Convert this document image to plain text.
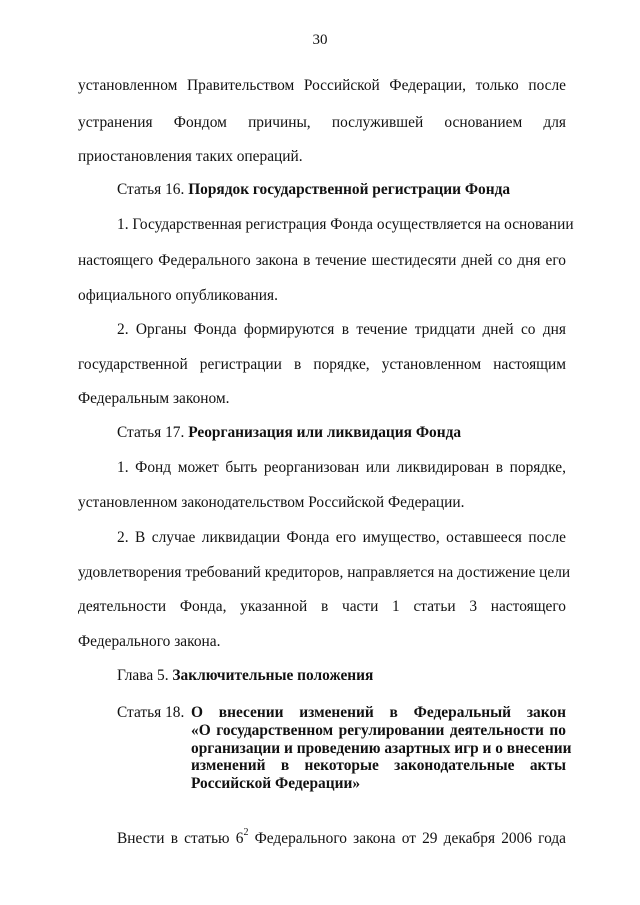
30
установленном Правительством Российской Федерации, только после
устранения Фондом причины, послужившей основанием для
приостановления таких операций.
Статья 16. Порядок государственной регистрации Фонда
1. Государственная регистрация Фонда осуществляется на основании
настоящего Федерального закона в течение шестидесяти дней со дня его
официального опубликования.
2. Органы Фонда формируются в течение тридцати дней со дня
государственной регистрации в порядке, установленном настоящим
Федеральным законом.
Статья 17. Реорганизация или ликвидация Фонда
1. Фонд может быть реорганизован или ликвидирован в порядке,
установленном законодательством Российской Федерации.
2. В случае ликвидации Фонда его имущество, оставшееся после
удовлетворения требований кредиторов, направляется на достижение цели
деятельности Фонда, указанной в части 1 статьи 3 настоящего
Федерального закона.
Глава 5. Заключительные положения
Статья 18. О внесении изменений в Федеральный закон
«О государственном регулировании деятельности по
организации и проведению азартных игр и о внесении
изменений в некоторые законодательные акты
Российской Федерации»
Внести в статью $6^2$ Федерального закона от 29 декабря 2006 года
